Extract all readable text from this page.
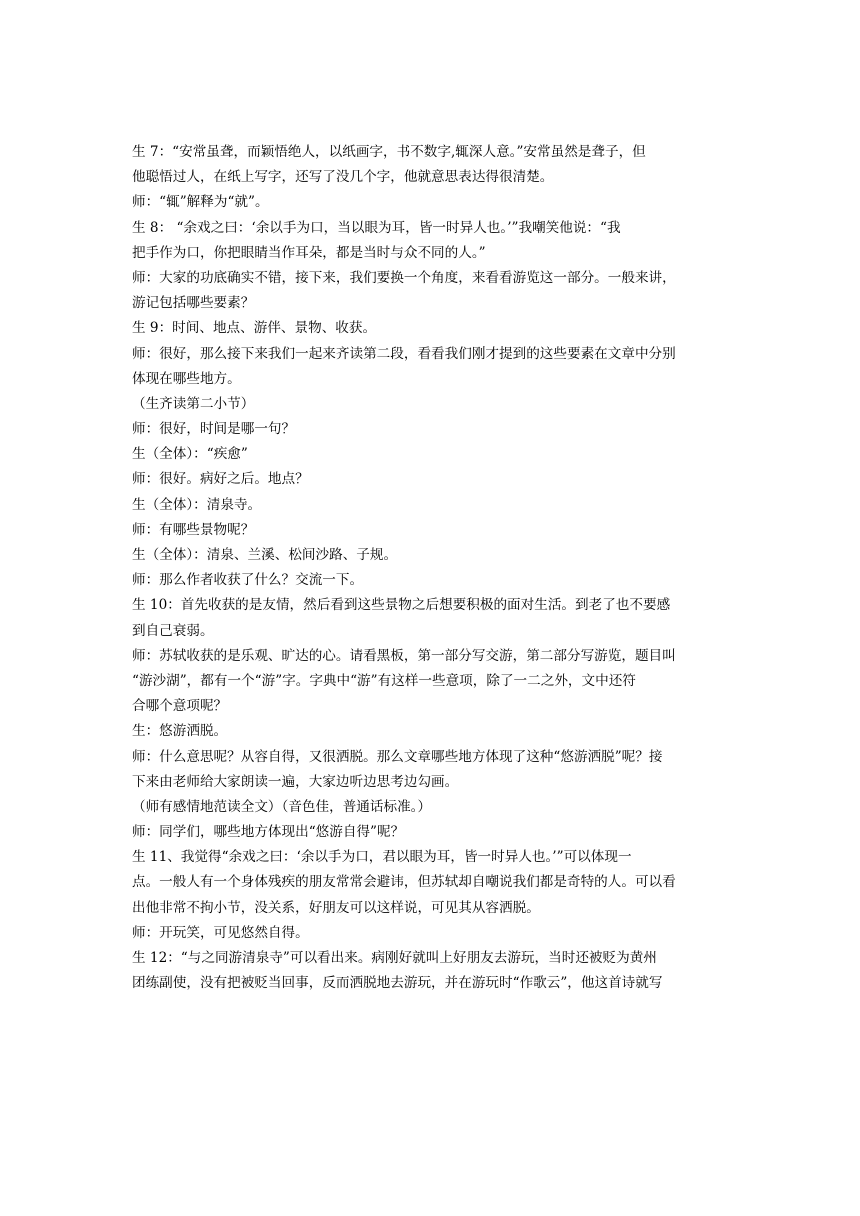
生 7：“安常虽聋，而颖悟绝人，以纸画字，书不数字,辄深人意。”安常虽然是聋子，但
他聪悟过人，在纸上写字，还写了没几个字，他就意思表达得很清楚。
师：“辄”解释为“就”。
生 8： “余戏之曰：‘余以手为口，当以眼为耳，皆一时异人也。’”我嘲笑他说：“我
把手作为口，你把眼睛当作耳朵，都是当时与众不同的人。”
师：大家的功底确实不错，接下来，我们要换一个角度，来看看游览这一部分。一般来讲，
游记包括哪些要素？
生 9：时间、地点、游伴、景物、收获。
师：很好，那么接下来我们一起来齐读第二段，看看我们刚才提到的这些要素在文章中分别
体现在哪些地方。
（生齐读第二小节）
师：很好，时间是哪一句？
生（全体）：“疾愈”
师：很好。病好之后。地点？
生（全体）：清泉寺。
师：有哪些景物呢？
生（全体）：清泉、兰溪、松间沙路、子规。
师：那么作者收获了什么？交流一下。
生 10：首先收获的是友情，然后看到这些景物之后想要积极的面对生活。到老了也不要感
到自己衰弱。
师：苏轼收获的是乐观、旷达的心。请看黑板，第一部分写交游，第二部分写游览，题目叫
“游沙湖”，都有一个“游”字。字典中“游”有这样一些意项，除了一二之外，文中还符
合哪个意项呢？
生：悠游洒脱。
师：什么意思呢？从容自得，又很洒脱。那么文章哪些地方体现了这种“悠游洒脱”呢？接
下来由老师给大家朗读一遍，大家边听边思考边勾画。
（师有感情地范读全文）（音色佳，普通话标准。）
师：同学们，哪些地方体现出“悠游自得”呢？
生 11、我觉得“余戏之曰：‘余以手为口，君以眼为耳，皆一时异人也。’”可以体现一
点。一般人有一个身体残疾的朋友常常会避讳，但苏轼却自嘲说我们都是奇特的人。可以看
出他非常不拘小节，没关系，好朋友可以这样说，可见其从容洒脱。
师：开玩笑，可见悠然自得。
生 12：“与之同游清泉寺”可以看出来。病刚好就叫上好朋友去游玩，当时还被贬为黄州
团练副使，没有把被贬当回事，反而洒脱地去游玩，并在游玩时“作歌云”，他这首诗就写
